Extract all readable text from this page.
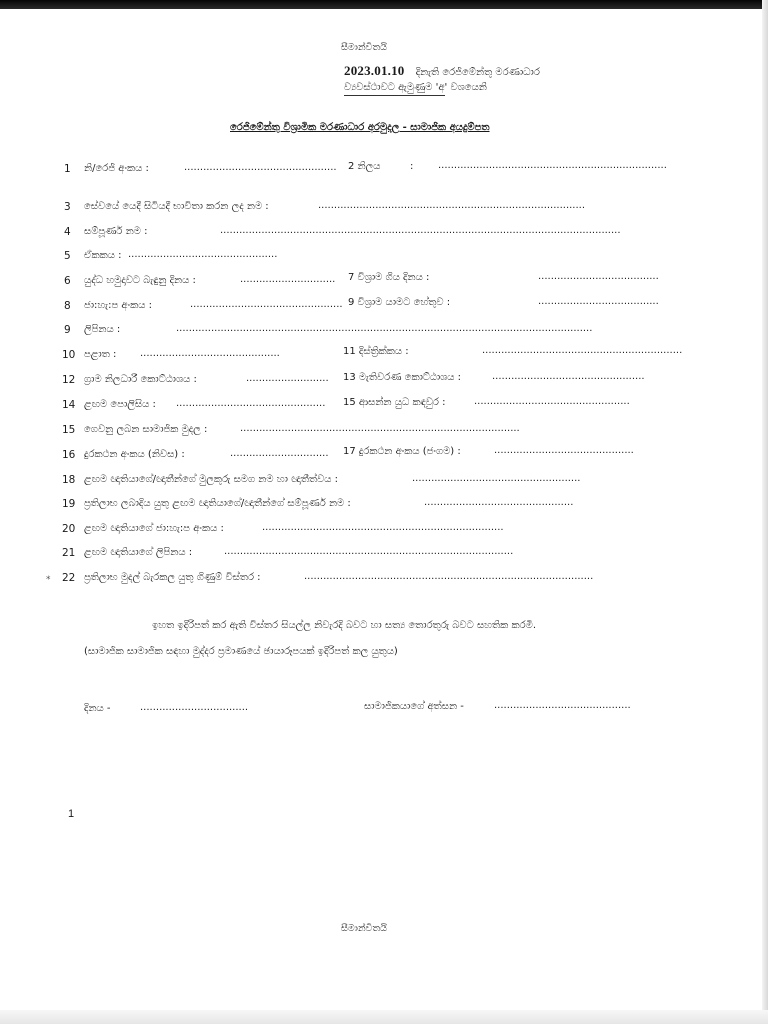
සීමාන්විතයි
2023.01.10 දිනැති රෙජිමේන්තු මරණාධාර
ව්‍යවස්ථාවට ඇමුණුම 'අ' වශයෙනි
රෙජිමේන්තු විශ්‍රාමික මරණාධාර අරමුදල - සාමාජික අයදුම්පත
1 නි/රෙජි අංකය :	................................................ 2 නිලය	: ........................................................................
3 සේවයේ යෙදී සිටියදී භාවිතා කරන ලද නම :	....................................................................................
4 සම්පූර්ණ නම :	..............................................................................................................................
5 ඒකකය : ...............................................
6 යුද්ධ හමුදාවට බැඳුනු දිනය :	.............................. 7 විශ්‍රාම ගිය දිනය :	......................................
8 ජා:හැ:ප අංකය :	................................................ 9 විශ්‍රාම යාමට හේතුව :	......................................
9 ලිපිනය :	...................................................................................................................................
10 පළාත : ............................................	11 දිස්ත්‍රික්කය :	...............................................................
12 ග්‍රාම නිලධාරී කොට්ඨාශය :	.......................... 13 මැතිවරණ කොට්ඨාශය :	................................................
14 ළඟම පොලිසිය : ............................................... 15 ආසන්න යුධ කඳවුර :	.................................................
15 ගෙවනු ලබන සාමාජික මුදල :	........................................................................................
16 දුරකථන අංකය (නිවස) :	............................... 17 දුරකථන අංකය (ජංගම) :	............................................
18 ළඟම ඥාතියාගේ/ඥාතීන්ගේ මුලකුරු සමග නම හා ඥාතීත්වය :	.....................................................
19 ප්‍රතිලාභ ලබාදිය යුතු ළඟම ඥාතියාගේ/ඥාතීන්ගේ සම්පූර්ණ නම :	...............................................
20 ළඟම ඥාතියාගේ ජා:හැ:ප අංකය :	............................................................................
21 ළඟම ඥාතියාගේ ලිපිනය :	...........................................................................................
* 22 ප්‍රතිලාභ මුදල් බැරකල යුතු ගිණුම් විස්තර :	...........................................................................................
ඉහත ඉදිරිපත් කර ඇති විස්තර සියල්ල නිවැරදි බවට හා සත්‍ය තොරතුරු බවට සහතික කරමි.
(සාමාජික සාමාජික සඳහා මුද්දර ප්‍රමාණයේ ඡායාරූපයක් ඉදිරිපත් කල යුතුය)
දිනය -	..................................	සාමාජිකයාගේ අත්සන -	...........................................
1
සීමාන්විතයි
